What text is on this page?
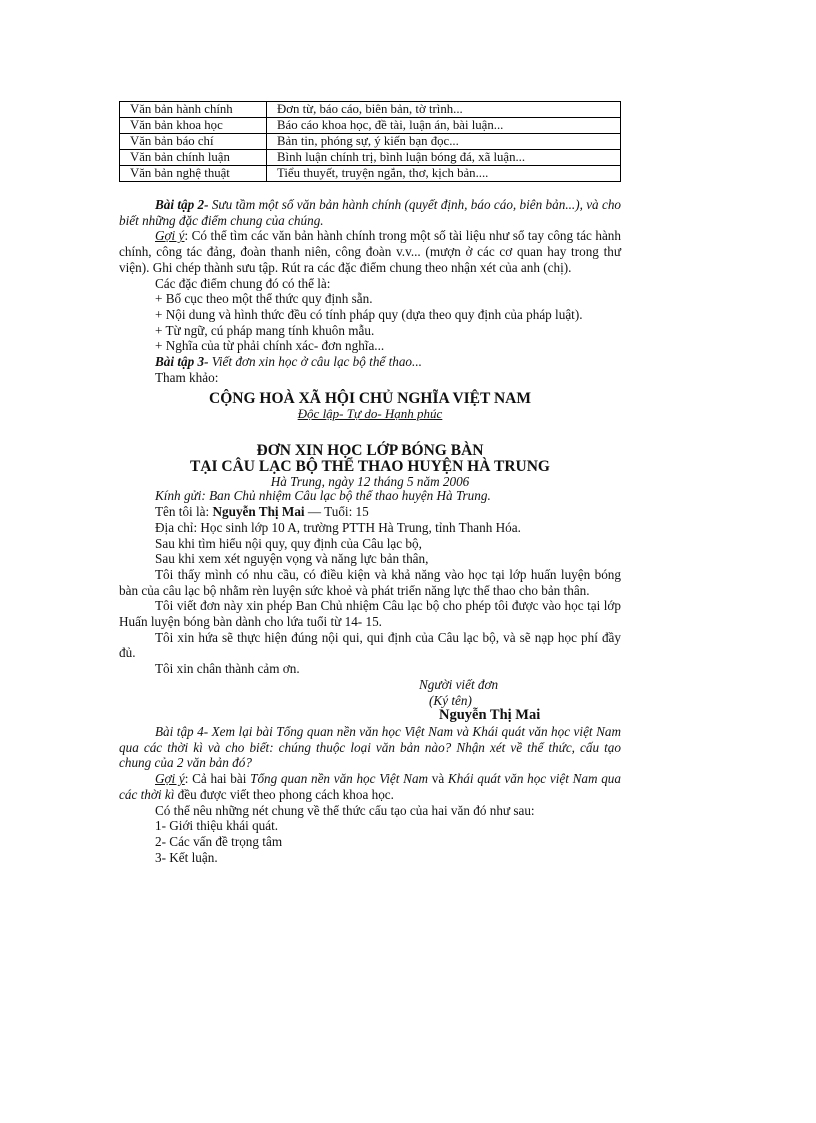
Văn bản hành chính	Đơn từ, báo cáo, biên bản, tờ trình...
Văn bản khoa học	Báo cáo khoa học, đề tài, luận án, bài luận...
Văn bản báo chí	Bản tin, phóng sự, ý kiến bạn đọc...
Văn bản chính luận	Bình luận chính trị, bình luận bóng đá, xã luận...
Văn bản nghệ thuật	Tiểu thuyết, truyện ngắn, thơ, kịch bản....

Bài tập 2- Sưu tầm một số văn bản hành chính (quyết định, báo cáo, biên bản...), và cho biết những đặc điểm chung của chúng.

Gợi ý: Có thể tìm các văn bản hành chính trong một số tài liệu như sổ tay công tác hành chính, công tác đảng, đoàn thanh niên, công đoàn v.v... (mượn ở các cơ quan hay trong thư viện). Ghi chép thành sưu tập. Rút ra các đặc điểm chung theo nhận xét của anh (chị).

Các đặc điểm chung đó có thể là:

+ Bố cục theo một thể thức quy định sẵn.

+ Nội dung và hình thức đều có tính pháp quy (dựa theo quy định của pháp luật).

+ Từ ngữ, cú pháp mang tính khuôn mẫu.

+ Nghĩa của từ phải chính xác- đơn nghĩa...

Bài tập 3- Viết đơn xin học ở câu lạc bộ thể thao...

Tham khảo:

CỘNG HOÀ XÃ HỘI CHỦ NGHĨA VIỆT NAM

Độc lập- Tự do- Hạnh phúc

ĐƠN XIN HỌC LỚP BÓNG BÀN

TẠI CÂU LẠC BỘ THỂ THAO HUYỆN HÀ TRUNG

Hà Trung, ngày 12 tháng 5 năm 2006

Kính gửi: Ban Chủ nhiệm Câu lạc bộ thể thao huyện Hà Trung.

Tên tôi là: Nguyễn Thị Mai — Tuổi: 15

Địa chỉ: Học sinh lớp 10 A, trường PTTH Hà Trung, tỉnh Thanh Hóa.

Sau khi tìm hiểu nội quy, quy định của Câu lạc bộ,

Sau khi xem xét nguyện vọng và năng lực bản thân,

Tôi thấy mình có nhu cầu, có điều kiện và khả năng vào học tại lớp huấn luyện bóng bàn của câu lạc bộ nhằm rèn luyện sức khoẻ và phát triển năng lực thể thao cho bản thân.

Tôi viết đơn này xin phép Ban Chủ nhiệm Câu lạc bộ cho phép tôi được vào học tại lớp Huấn luyện bóng bàn dành cho lứa tuổi từ 14- 15.

Tôi xin hứa sẽ thực hiện đúng nội qui, qui định của Câu lạc bộ, và sẽ nạp học phí đầy đủ.

Tôi xin chân thành cảm ơn.

Người viết đơn

(Ký tên)

Nguyễn Thị Mai

Bài tập 4- Xem lại bài Tổng quan nền văn học Việt Nam và Khái quát văn học việt Nam qua các thời kì và cho biết: chúng thuộc loại văn bản nào? Nhận xét về thể thức, cấu tạo chung của 2 văn bản đó?

Gợi ý: Cả hai bài Tổng quan nền văn học Việt Nam và Khái quát văn học việt Nam qua các thời kì đều được viết theo phong cách khoa học.

Có thể nêu những nét chung về thể thức cấu tạo của hai văn đó như sau:

1- Giới thiệu khái quát.

2- Các vấn đề trọng tâm

3- Kết luận.
